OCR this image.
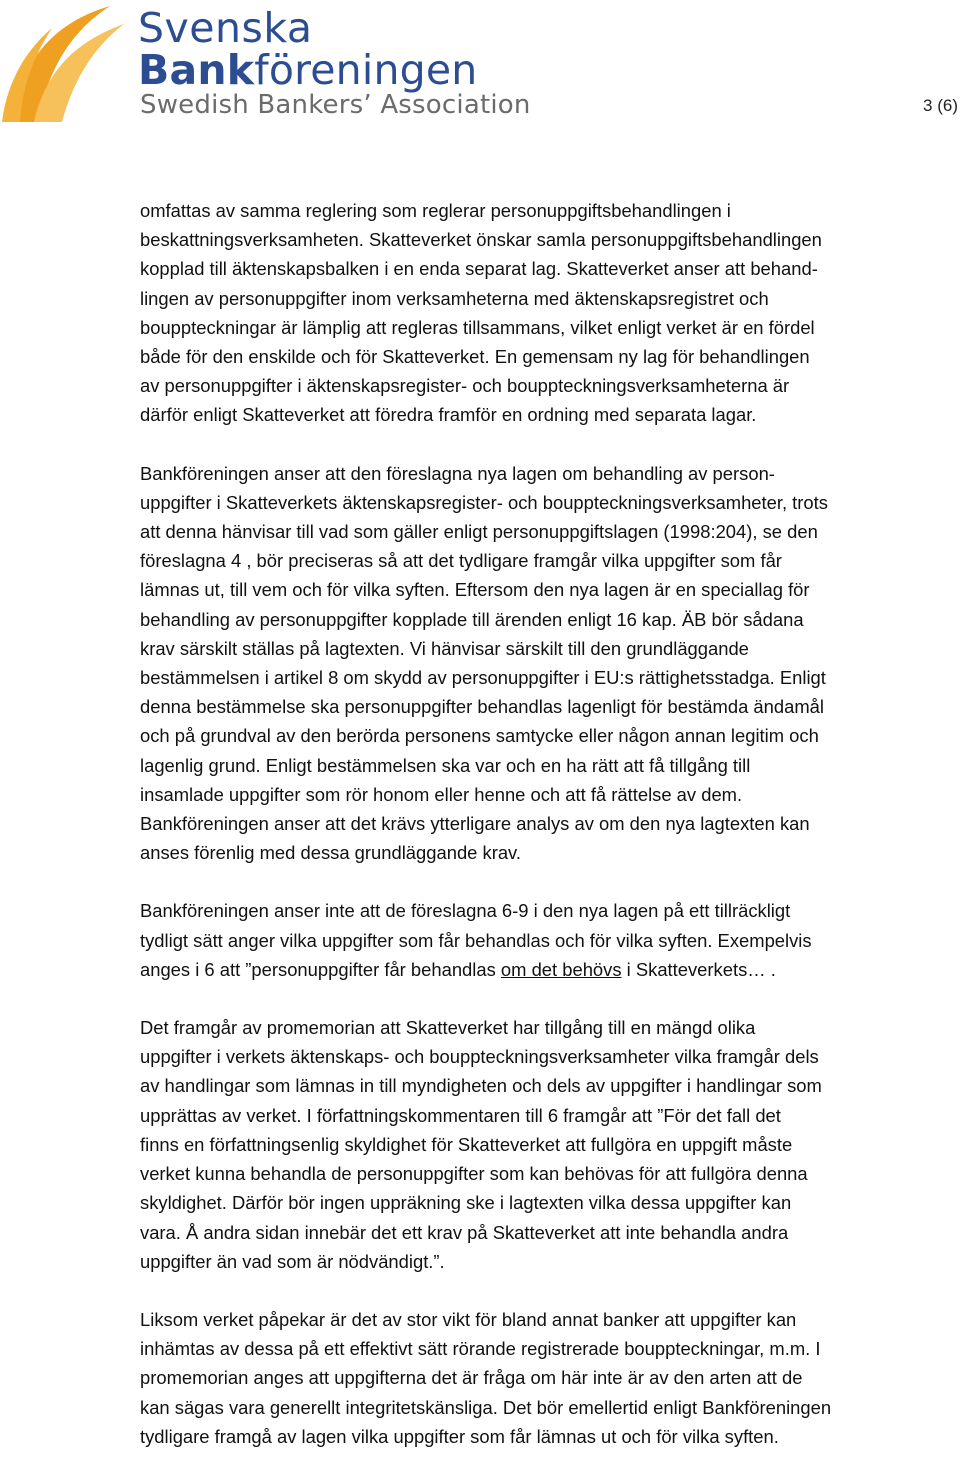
Svenska
Bankföreningen
Swedish Bankers’ Association	3 (6)

omfattas av samma reglering som reglerar personuppgiftsbehandlingen i
beskattningsverksamheten. Skatteverket önskar samla personuppgiftsbehandlingen
kopplad till äktenskapsbalken i en enda separat lag. Skatteverket anser att behand-
lingen av personuppgifter inom verksamheterna med äktenskapsregistret och
bouppteckningar är lämplig att regleras tillsammans, vilket enligt verket är en fördel
både för den enskilde och för Skatteverket. En gemensam ny lag för behandlingen
av personuppgifter i äktenskapsregister- och bouppteckningsverksamheterna är
därför enligt Skatteverket att föredra framför en ordning med separata lagar.

Bankföreningen anser att den föreslagna nya lagen om behandling av person-
uppgifter i Skatteverkets äktenskapsregister- och bouppteckningsverksamheter, trots
att denna hänvisar till vad som gäller enligt personuppgiftslagen (1998:204), se den
föreslagna 4 , bör preciseras så att det tydligare framgår vilka uppgifter som får
lämnas ut, till vem och för vilka syften. Eftersom den nya lagen är en speciallag för
behandling av personuppgifter kopplade till ärenden enligt 16 kap. ÄB bör sådana
krav särskilt ställas på lagtexten. Vi hänvisar särskilt till den grundläggande
bestämmelsen i artikel 8 om skydd av personuppgifter i EU:s rättighetsstadga. Enligt
denna bestämmelse ska personuppgifter behandlas lagenligt för bestämda ändamål
och på grundval av den berörda personens samtycke eller någon annan legitim och
lagenlig grund. Enligt bestämmelsen ska var och en ha rätt att få tillgång till
insamlade uppgifter som rör honom eller henne och att få rättelse av dem.
Bankföreningen anser att det krävs ytterligare analys av om den nya lagtexten kan
anses förenlig med dessa grundläggande krav.

Bankföreningen anser inte att de föreslagna 6-9 i den nya lagen på ett tillräckligt
tydligt sätt anger vilka uppgifter som får behandlas och för vilka syften. Exempelvis
anges i 6 att ”personuppgifter får behandlas om det behövs i Skatteverkets… .

Det framgår av promemorian att Skatteverket har tillgång till en mängd olika
uppgifter i verkets äktenskaps- och bouppteckningsverksamheter vilka framgår dels
av handlingar som lämnas in till myndigheten och dels av uppgifter i handlingar som
upprättas av verket. I författningskommentaren till 6 framgår att ”För det fall det
finns en författningsenlig skyldighet för Skatteverket att fullgöra en uppgift måste
verket kunna behandla de personuppgifter som kan behövas för att fullgöra denna
skyldighet. Därför bör ingen uppräkning ske i lagtexten vilka dessa uppgifter kan
vara. Å andra sidan innebär det ett krav på Skatteverket att inte behandla andra
uppgifter än vad som är nödvändigt.”.

Liksom verket påpekar är det av stor vikt för bland annat banker att uppgifter kan
inhämtas av dessa på ett effektivt sätt rörande registrerade bouppteckningar, m.m. I
promemorian anges att uppgifterna det är fråga om här inte är av den arten att de
kan sägas vara generellt integritetskänsliga. Det bör emellertid enligt Bankföreningen
tydligare framgå av lagen vilka uppgifter som får lämnas ut och för vilka syften.
